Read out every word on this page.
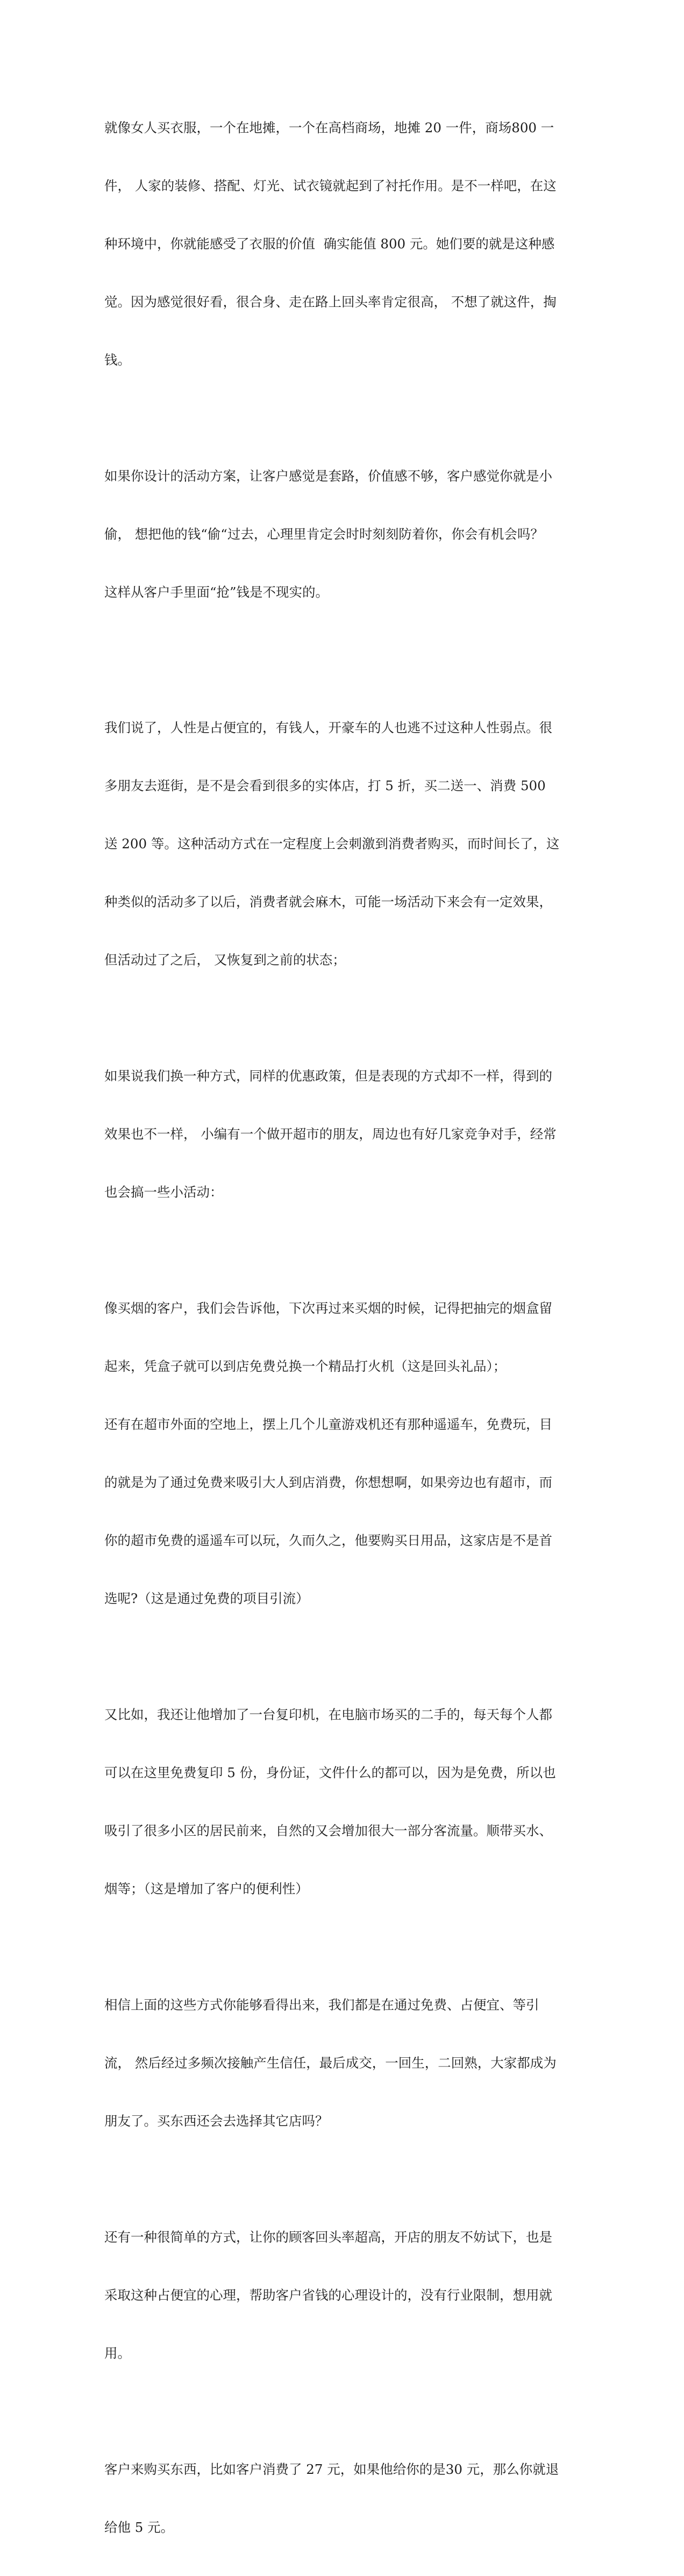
就像女人买衣服，一个在地摊，一个在高档商场，地摊 20 一件，商场800 一

件， 人家的装修、搭配、灯光、试衣镜就起到了衬托作用。是不一样吧，在这

种环境中，你就能感受了衣服的价值  确实能值 800 元。她们要的就是这种感

觉。因为感觉很好看，很合身、走在路上回头率肯定很高， 不想了就这件，掏

钱。

如果你设计的活动方案，让客户感觉是套路，价值感不够，客户感觉你就是小

偷， 想把他的钱“偷“过去，心理里肯定会时时刻刻防着你，你会有机会吗？

这样从客户手里面“抢”钱是不现实的。

我们说了，人性是占便宜的，有钱人，开豪车的人也逃不过这种人性弱点。很

多朋友去逛街，是不是会看到很多的实体店，打 5 折，买二送一、消费 500

送 200 等。这种活动方式在一定程度上会刺激到消费者购买，而时间长了，这

种类似的活动多了以后，消费者就会麻木，可能一场活动下来会有一定效果，

但活动过了之后， 又恢复到之前的状态；

如果说我们换一种方式，同样的优惠政策，但是表现的方式却不一样，得到的

效果也不一样， 小编有一个做开超市的朋友，周边也有好几家竞争对手，经常

也会搞一些小活动：

像买烟的客户，我们会告诉他，下次再过来买烟的时候，记得把抽完的烟盒留

起来，凭盒子就可以到店免费兑换一个精品打火机（这是回头礼品）；

还有在超市外面的空地上，摆上几个儿童游戏机还有那种遥遥车，免费玩，目

的就是为了通过免费来吸引大人到店消费，你想想啊，如果旁边也有超市，而

你的超市免费的遥遥车可以玩，久而久之，他要购买日用品，这家店是不是首

选呢?（这是通过免费的项目引流）

又比如，我还让他增加了一台复印机，在电脑市场买的二手的，每天每个人都

可以在这里免费复印 5 份，身份证，文件什么的都可以，因为是免费，所以也

吸引了很多小区的居民前来，自然的又会增加很大一部分客流量。顺带买水、

烟等；（这是增加了客户的便利性）

相信上面的这些方式你能够看得出来，我们都是在通过免费、占便宜、等引

流， 然后经过多频次接触产生信任，最后成交，一回生，二回熟，大家都成为

朋友了。买东西还会去选择其它店吗？

还有一种很简单的方式，让你的顾客回头率超高，开店的朋友不妨试下，也是

采取这种占便宜的心理，帮助客户省钱的心理设计的，没有行业限制，想用就

用。

客户来购买东西，比如客户消费了 27 元，如果他给你的是30 元，那么你就退

给他 5 元。
